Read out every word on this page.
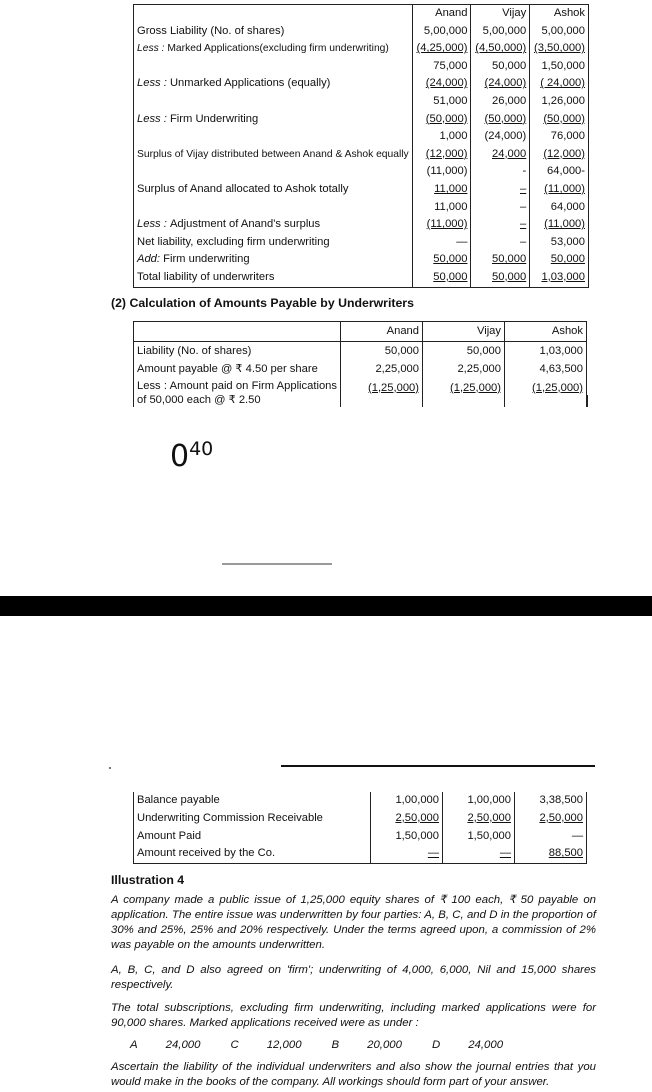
	Anand	Vijay	Ashok
Gross Liability (No. of shares)	5,00,000	5,00,000	5,00,000
Less : Marked Applications(excluding firm underwriting)	(4,25,000)	(4,50,000)	(3,50,000)
	75,000	50,000	1,50,000
Less : Unmarked Applications (equally)	(24,000)	(24,000)	( 24,000)
	51,000	26,000	1,26,000
Less : Firm Underwriting	(50,000)	(50,000)	(50,000)
	1,000	(24,000)	76,000
Surplus of Vijay distributed between Anand & Ashok equally	(12,000)	24,000	(12,000)
	(11,000)	-	64,000-
Surplus of Anand allocated to Ashok totally	11,000	–	(11,000)
	11,000	–	64,000
Less : Adjustment of Anand's surplus	(11,000)	–	(11,000)
Net liability, excluding firm underwriting	—	–	53,000
Add: Firm underwriting	50,000	50,000	50,000
Total liability of underwriters	50,000	50,000	1,03,000
(2) Calculation of Amounts Payable by Underwriters
	Anand	Vijay	Ashok
Liability (No. of shares)	50,000	50,000	1,03,000
Amount payable @ ₹ 4.50 per share	2,25,000	2,25,000	4,63,500
Less : Amount paid on Firm Applications of 50,000 each @ ₹ 2.50	(1,25,000)	(1,25,000)	(1,25,000)
$0^{40}$
Balance payable	1,00,000	1,00,000	3,38,500
Underwriting Commission Receivable	2,50,000	2,50,000	2,50,000
Amount Paid	1,50,000	1,50,000	—
Amount received by the Co.	—	—	88,500
Illustration 4
A company made a public issue of 1,25,000 equity shares of ₹ 100 each, ₹ 50 payable on application. The entire issue was underwritten by four parties: A, B, C, and D in the proportion of 30% and 25%, 25% and 20% respectively. Under the terms agreed upon, a commission of 2% was payable on the amounts underwritten.
A, B, C, and D also agreed on 'firm'; underwriting of 4,000, 6,000, Nil and 15,000 shares respectively.
The total subscriptions, excluding firm underwriting, including marked applications were for 90,000 shares. Marked applications received were as under :
A 24,000	C 12,000	B 20,000	D 24,000
Ascertain the liability of the individual underwriters and also show the journal entries that you would make in the books of the company. All workings should form part of your answer.
